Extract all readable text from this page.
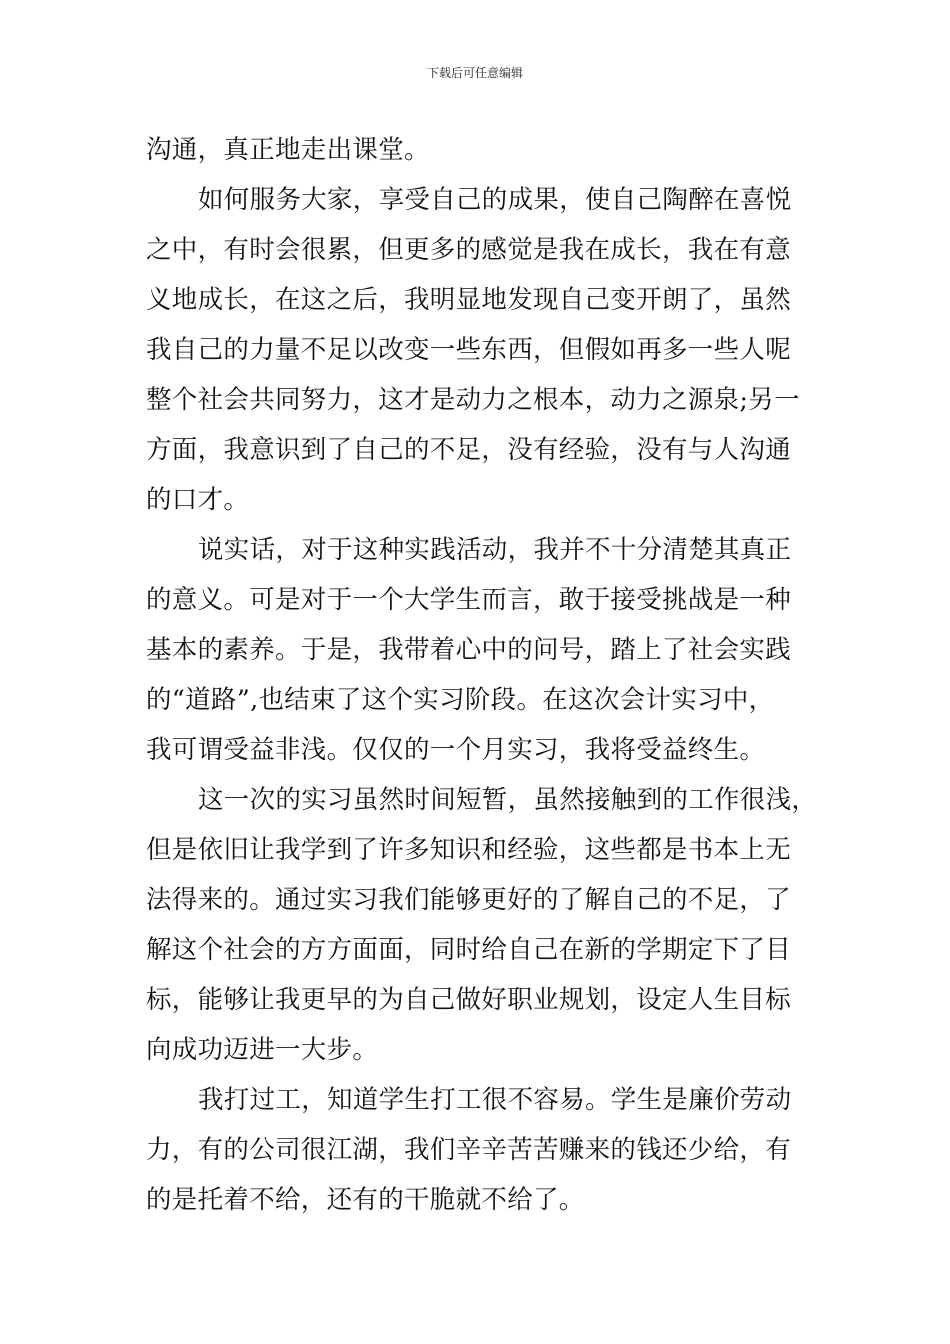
下载后可任意编辑
沟通，真正地走出课堂。
如何服务大家，享受自己的成果，使自己陶醉在喜悦
之中，有时会很累，但更多的感觉是我在成长，我在有意
义地成长，在这之后，我明显地发现自己变开朗了，虽然
我自己的力量不足以改变一些东西，但假如再多一些人呢
整个社会共同努力，这才是动力之根本，动力之源泉;另一
方面，我意识到了自己的不足，没有经验，没有与人沟通
的口才。
说实话，对于这种实践活动，我并不十分清楚其真正
的意义。可是对于一个大学生而言，敢于接受挑战是一种
基本的素养。于是，我带着心中的问号，踏上了社会实践
的“道路”,也结束了这个实习阶段。在这次会计实习中，
我可谓受益非浅。仅仅的一个月实习，我将受益终生。
这一次的实习虽然时间短暂，虽然接触到的工作很浅，
但是依旧让我学到了许多知识和经验，这些都是书本上无
法得来的。通过实习我们能够更好的了解自己的不足，了
解这个社会的方方面面，同时给自己在新的学期定下了目
标，能够让我更早的为自己做好职业规划，设定人生目标
向成功迈进一大步。
我打过工，知道学生打工很不容易。学生是廉价劳动
力，有的公司很江湖，我们辛辛苦苦赚来的钱还少给，有
的是托着不给，还有的干脆就不给了。
